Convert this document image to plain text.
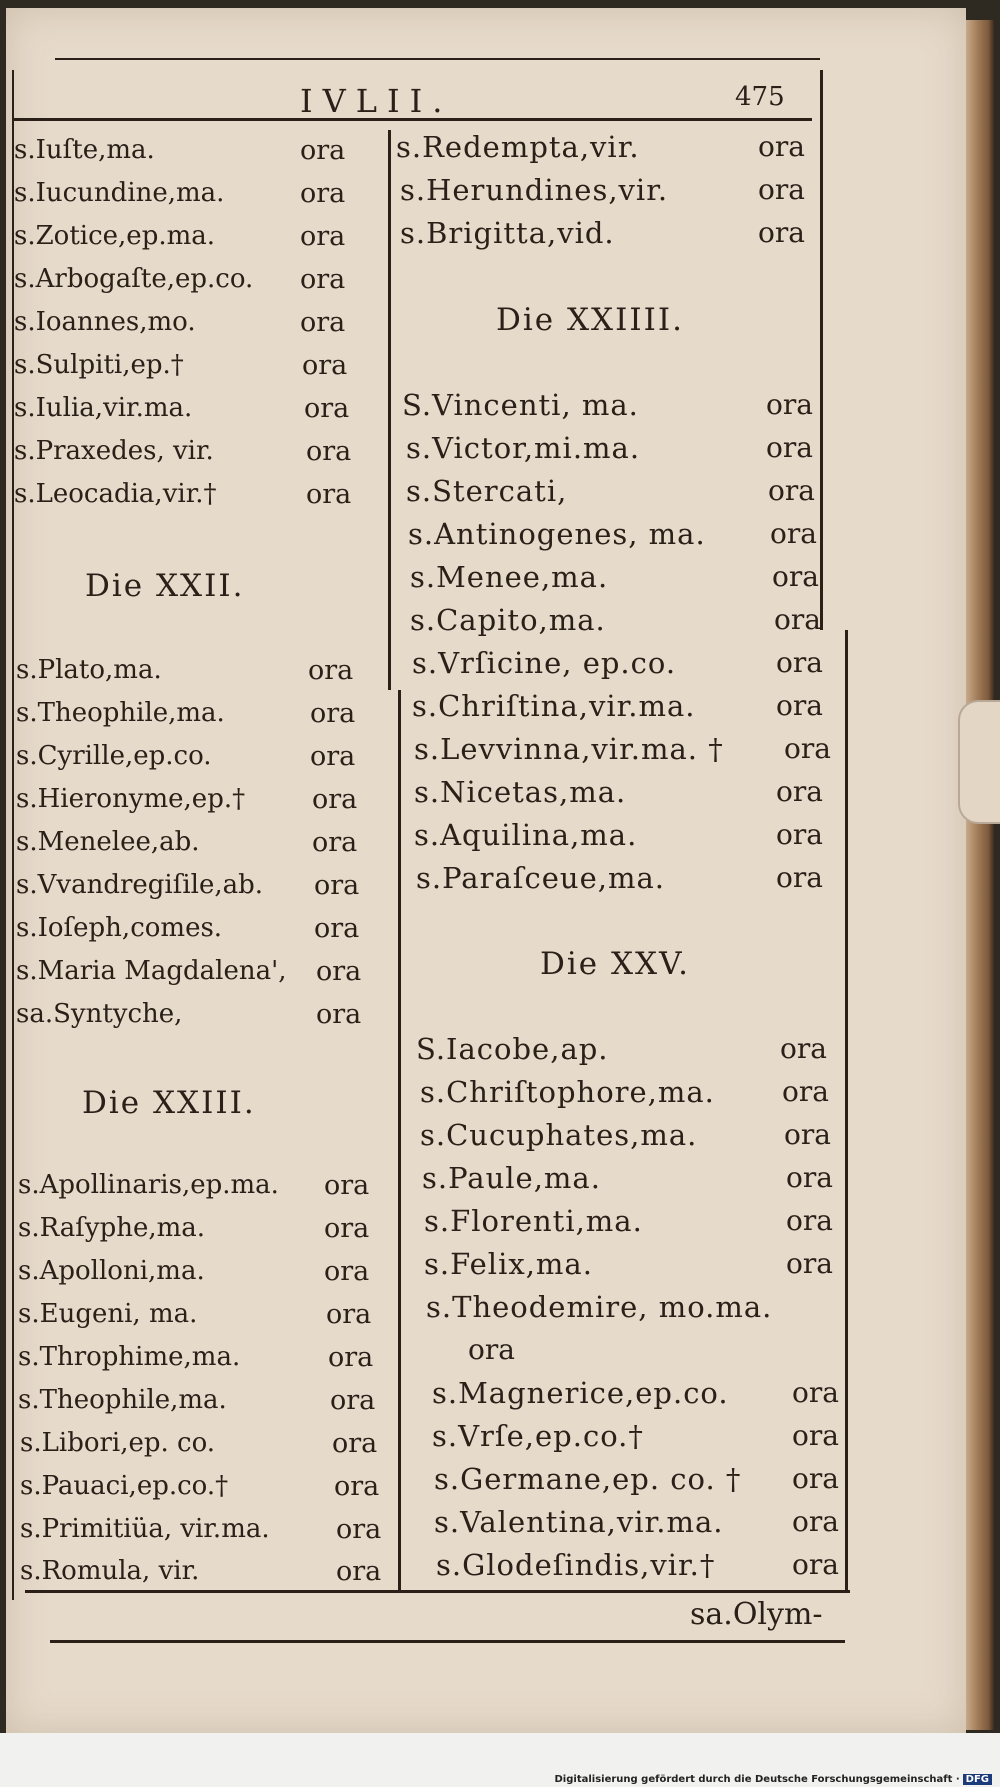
IVLII.	475
s.Iuſte,ma.	ora
s.Iucundine,ma.	ora
s.Zotice,ep.ma.	ora
s.Arbogaſte,ep.co. ora
s.Ioannes,mo.	ora
s.Sulpiti,ep.†	ora
s.Iulia,vir.ma.	ora
s.Praxedes, vir.	ora
s.Leocadia,vir.†	ora
Die XXII.
s.Plato,ma.	ora
s.Theophile,ma.	ora
s.Cyrille,ep.co.	ora
s.Hieronyme,ep.† ora
s.Menelee,ab.	ora
s.Vvandregiſile,ab. ora
s.Ioſeph,comes.	ora
s.Maria Magdalena', ora
sa.Syntyche,	ora
Die XXIII.
s.Apollinaris,ep.ma. ora
s.Raſyphe,ma.	ora
s.Apolloni,ma.	ora
s.Eugeni, ma.	ora
s.Throphime,ma.	ora
s.Theophile,ma.	ora
s.Libori,ep. co.	ora
s.Pauaci,ep.co.†	ora
s.Primitiüa, vir.ma. ora
s.Romula, vir.	ora
s.Redempta,vir.	ora
s.Herundines,vir.	ora
s.Brigitta,vid.	ora
Die XXIIII.
S.Vincenti, ma.	ora
s.Victor,mi.ma.	ora
s.Stercati,	ora
s.Antinogenes, ma. ora
s.Menee,ma.	ora
s.Capito,ma.	ora
s.Vrſicine, ep.co.	ora
s.Chriſtina,vir.ma.	ora
s.Levvinna,vir.ma. † ora
s.Nicetas,ma.	ora
s.Aquilina,ma.	ora
s.Paraſceue,ma.	ora
Die XXV.
S.Iacobe,ap.	ora
s.Chriſtophore,ma. ora
s.Cucuphates,ma.	ora
s.Paule,ma.	ora
s.Florenti,ma.	ora
s.Felix,ma.	ora
s.Theodemire, mo.ma.
ora
s.Magnerice,ep.co. ora
s.Vrſe,ep.co.†	ora
s.Germane,ep. co. † ora
s.Valentina,vir.ma. ora
s.Glodeſindis,vir.†	ora
sa.Olym-
Digitalisierung gefördert durch die Deutsche Forschungsgemeinschaft · DFG
